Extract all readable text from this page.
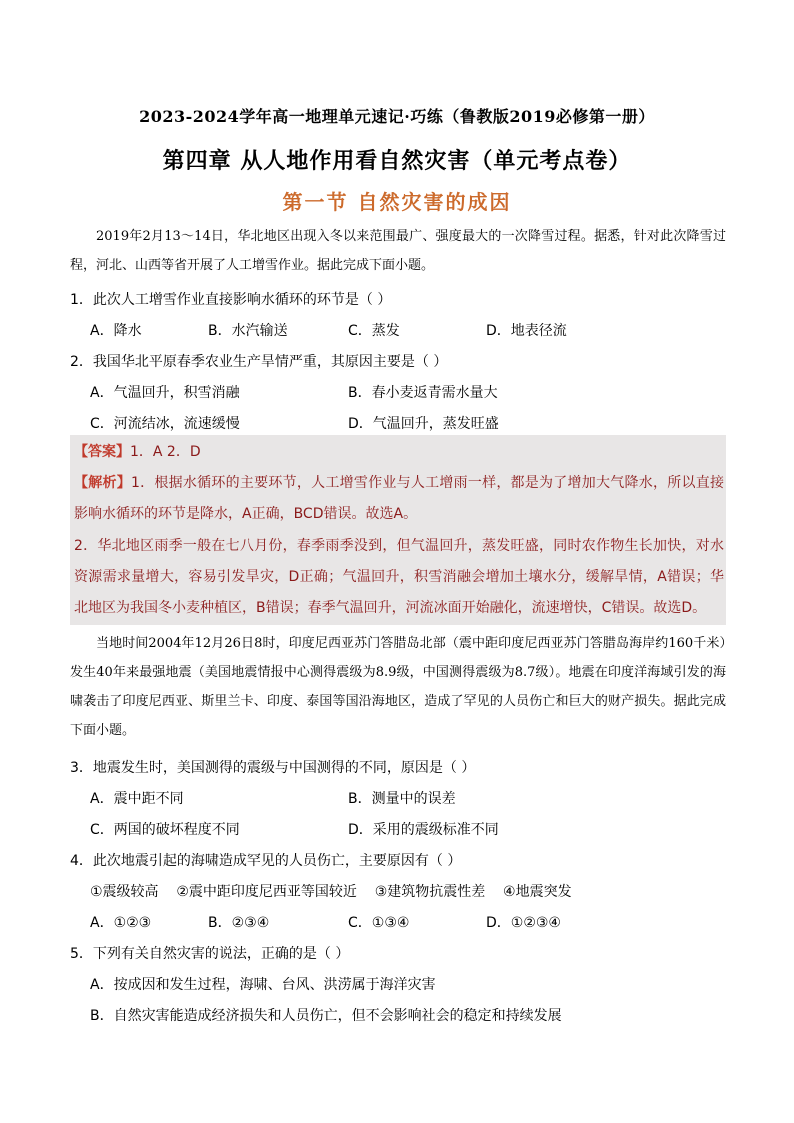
2023-2024学年高一地理单元速记·巧练（鲁教版2019必修第一册）
第四章 从人地作用看自然灾害（单元考点卷）
第一节 自然灾害的成因
2019年2月13～14日，华北地区出现入冬以来范围最广、强度最大的一次降雪过程。据悉，针对此次降雪过程，河北、山西等省开展了人工增雪作业。据此完成下面小题。
1．此次人工增雪作业直接影响水循环的环节是（ ）
A．降水	B．水汽输送	C．蒸发	D．地表径流
2．我国华北平原春季农业生产旱情严重，其原因主要是（ ）
A．气温回升，积雪消融	B．春小麦返青需水量大
C．河流结冰，流速缓慢	D．气温回升，蒸发旺盛
【答案】1．A 2．D
【解析】1．根据水循环的主要环节，人工增雪作业与人工增雨一样，都是为了增加大气降水，所以直接影响水循环的环节是降水，A正确，BCD错误。故选A。
2．华北地区雨季一般在七八月份，春季雨季没到，但气温回升，蒸发旺盛，同时农作物生长加快，对水资源需求量增大，容易引发旱灾，D正确；气温回升，积雪消融会增加土壤水分，缓解旱情，A错误；华北地区为我国冬小麦种植区，B错误；春季气温回升，河流冰面开始融化，流速增快，C错误。故选D。
当地时间2004年12月26日8时，印度尼西亚苏门答腊岛北部（震中距印度尼西亚苏门答腊岛海岸约160千米）发生40年来最强地震（美国地震情报中心测得震级为8.9级，中国测得震级为8.7级）。地震在印度洋海域引发的海啸袭击了印度尼西亚、斯里兰卡、印度、泰国等国沿海地区，造成了罕见的人员伤亡和巨大的财产损失。据此完成下面小题。
3．地震发生时，美国测得的震级与中国测得的不同，原因是（ ）
A．震中距不同	B．测量中的误差
C．两国的破坏程度不同	D．采用的震级标准不同
4．此次地震引起的海啸造成罕见的人员伤亡，主要原因有（ ）
①震级较高    ②震中距印度尼西亚等国较近    ③建筑物抗震性差    ④地震突发
A．①②③	B．②③④	C．①③④	D．①②③④
5．下列有关自然灾害的说法，正确的是（ ）
A．按成因和发生过程，海啸、台风、洪涝属于海洋灾害
B．自然灾害能造成经济损失和人员伤亡，但不会影响社会的稳定和持续发展
